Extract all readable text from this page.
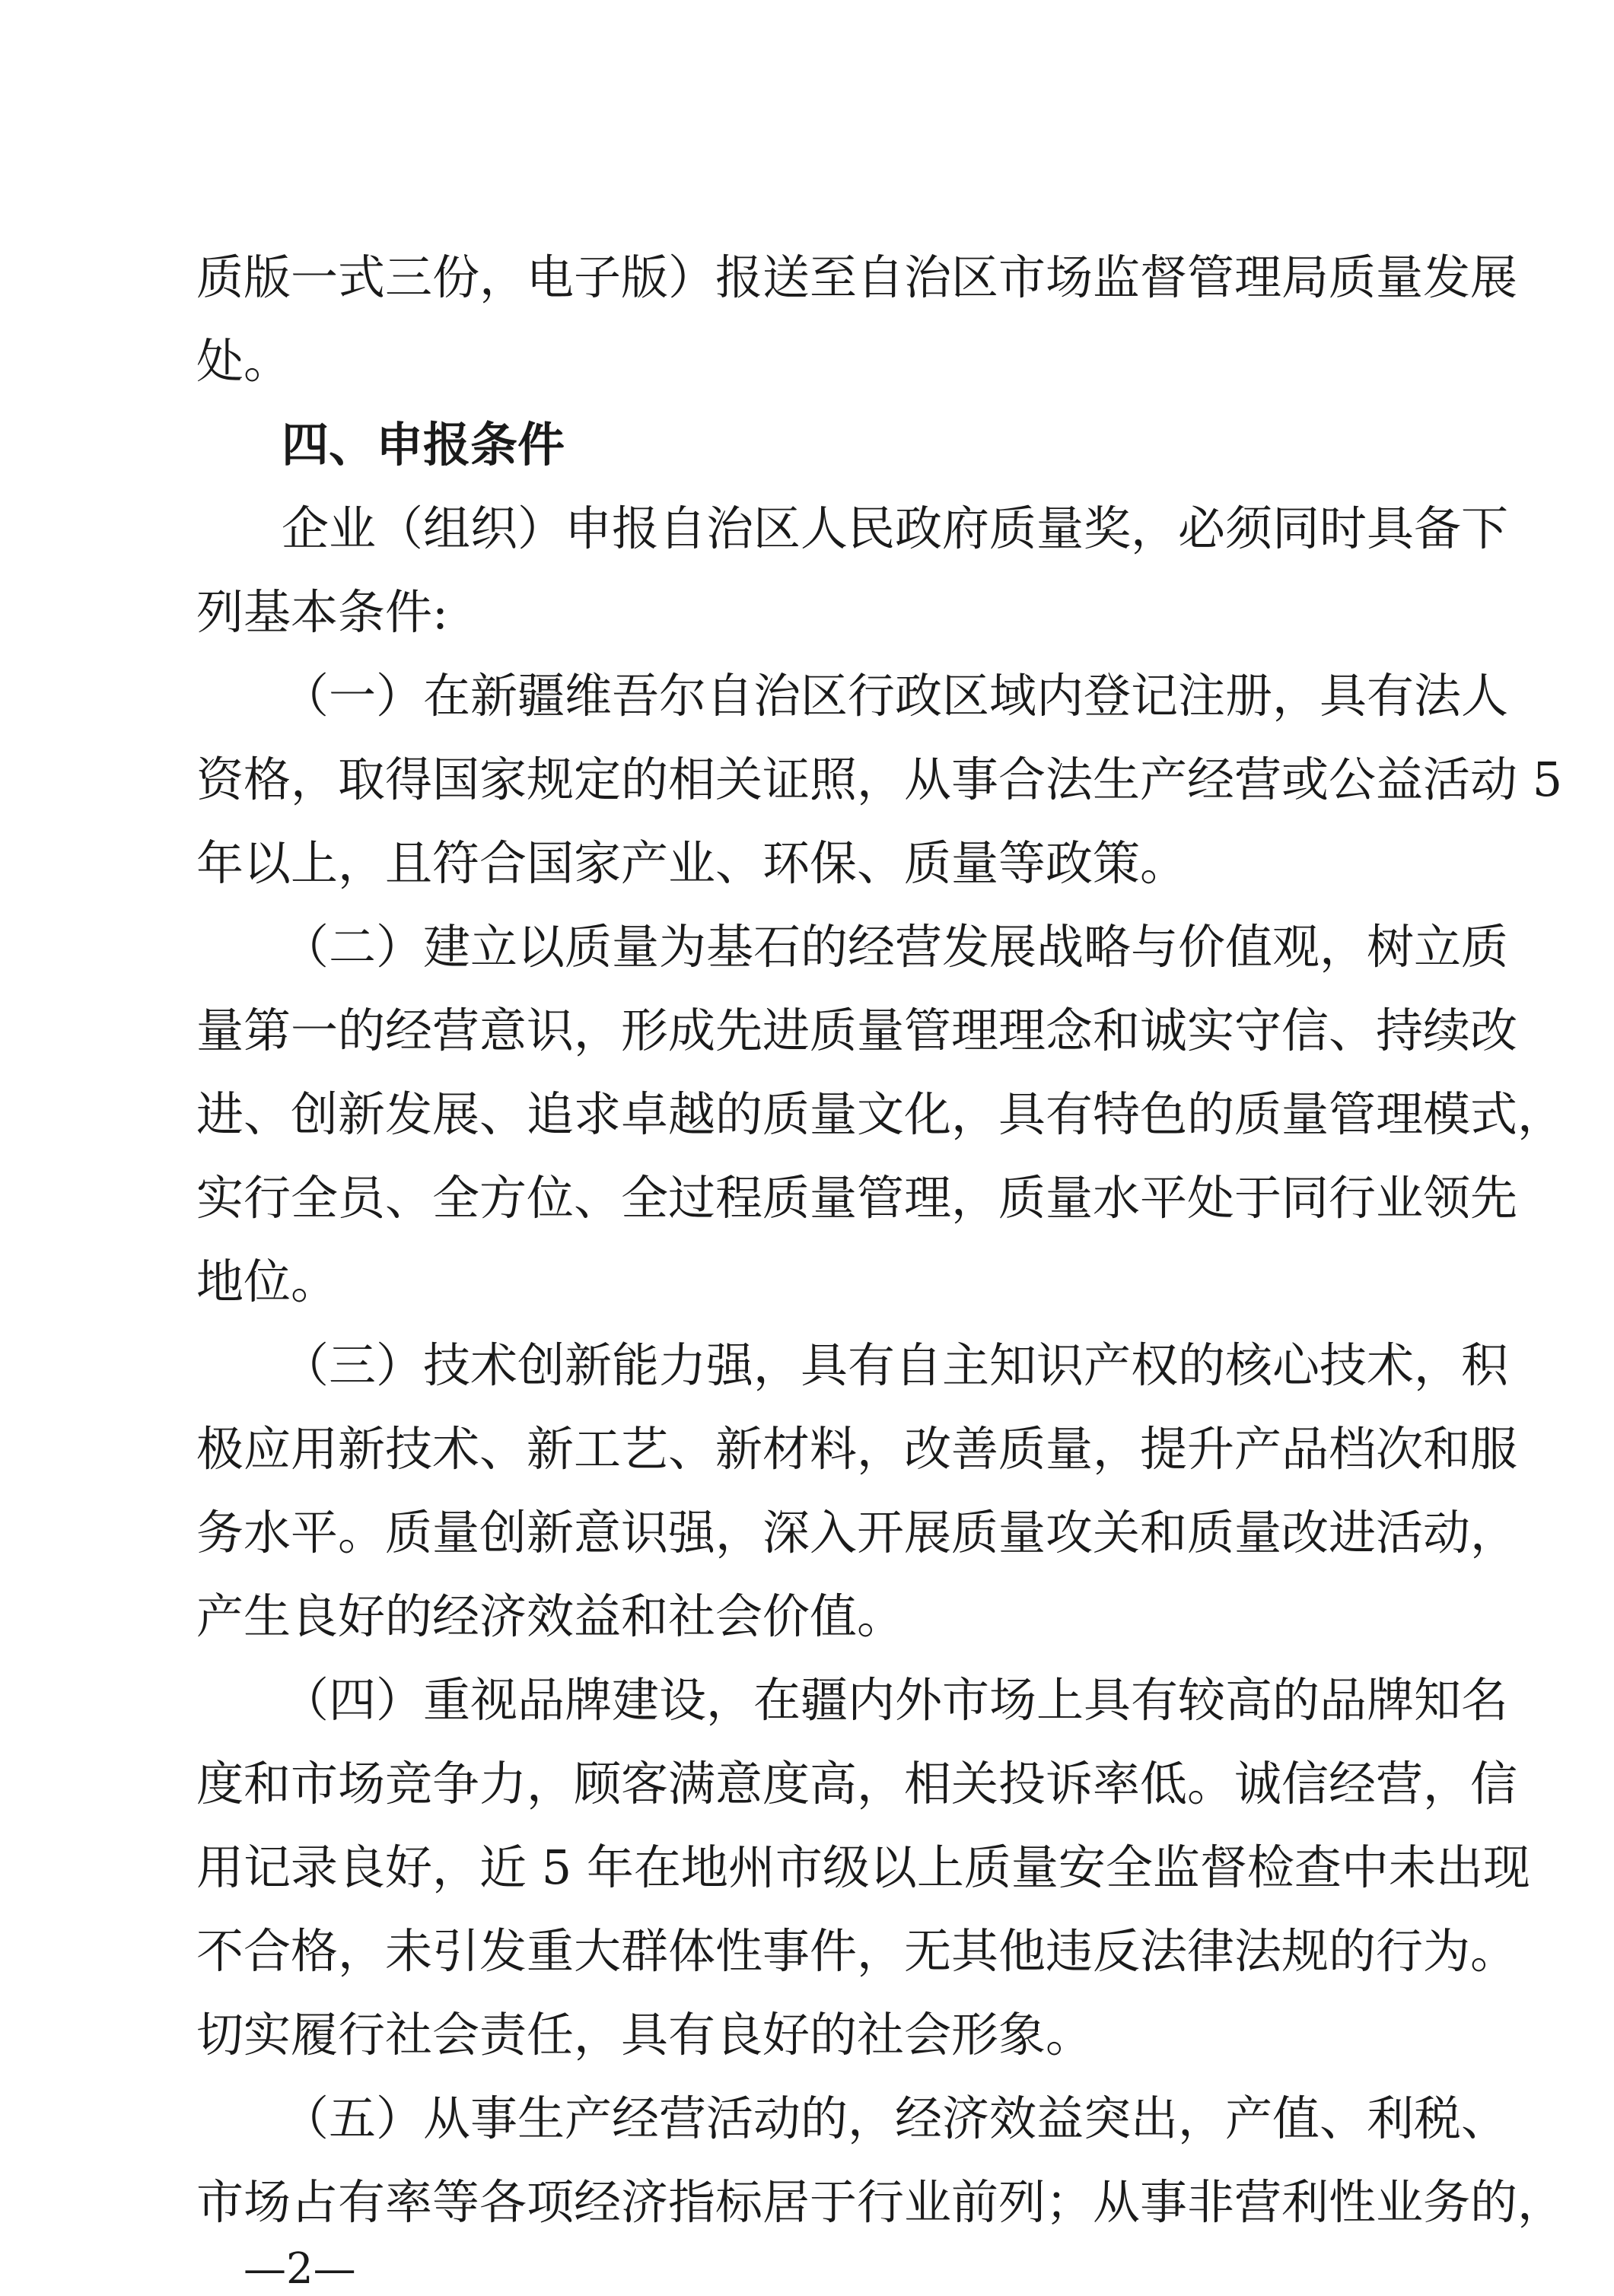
质版一式三份，电子版）报送至自治区市场监督管理局质量发展
处。
四、申报条件
企业（组织）申报自治区人民政府质量奖，必须同时具备下
列基本条件:
（一）在新疆维吾尔自治区行政区域内登记注册，具有法人
资格，取得国家规定的相关证照，从事合法生产经营或公益活动 5
年以上，且符合国家产业、环保、质量等政策。
（二）建立以质量为基石的经营发展战略与价值观，树立质
量第一的经营意识，形成先进质量管理理念和诚实守信、持续改
进、创新发展、追求卓越的质量文化，具有特色的质量管理模式，
实行全员、全方位、全过程质量管理，质量水平处于同行业领先
地位。
（三）技术创新能力强，具有自主知识产权的核心技术，积
极应用新技术、新工艺、新材料，改善质量，提升产品档次和服
务水平。质量创新意识强，深入开展质量攻关和质量改进活动，
产生良好的经济效益和社会价值。
（四）重视品牌建设，在疆内外市场上具有较高的品牌知名
度和市场竞争力，顾客满意度高，相关投诉率低。诚信经营，信
用记录良好，近 5 年在地州市级以上质量安全监督检查中未出现
不合格，未引发重大群体性事件，无其他违反法律法规的行为。
切实履行社会责任，具有良好的社会形象。
（五）从事生产经营活动的，经济效益突出，产值、利税、
市场占有率等各项经济指标居于行业前列；从事非营利性业务的，
—2—
